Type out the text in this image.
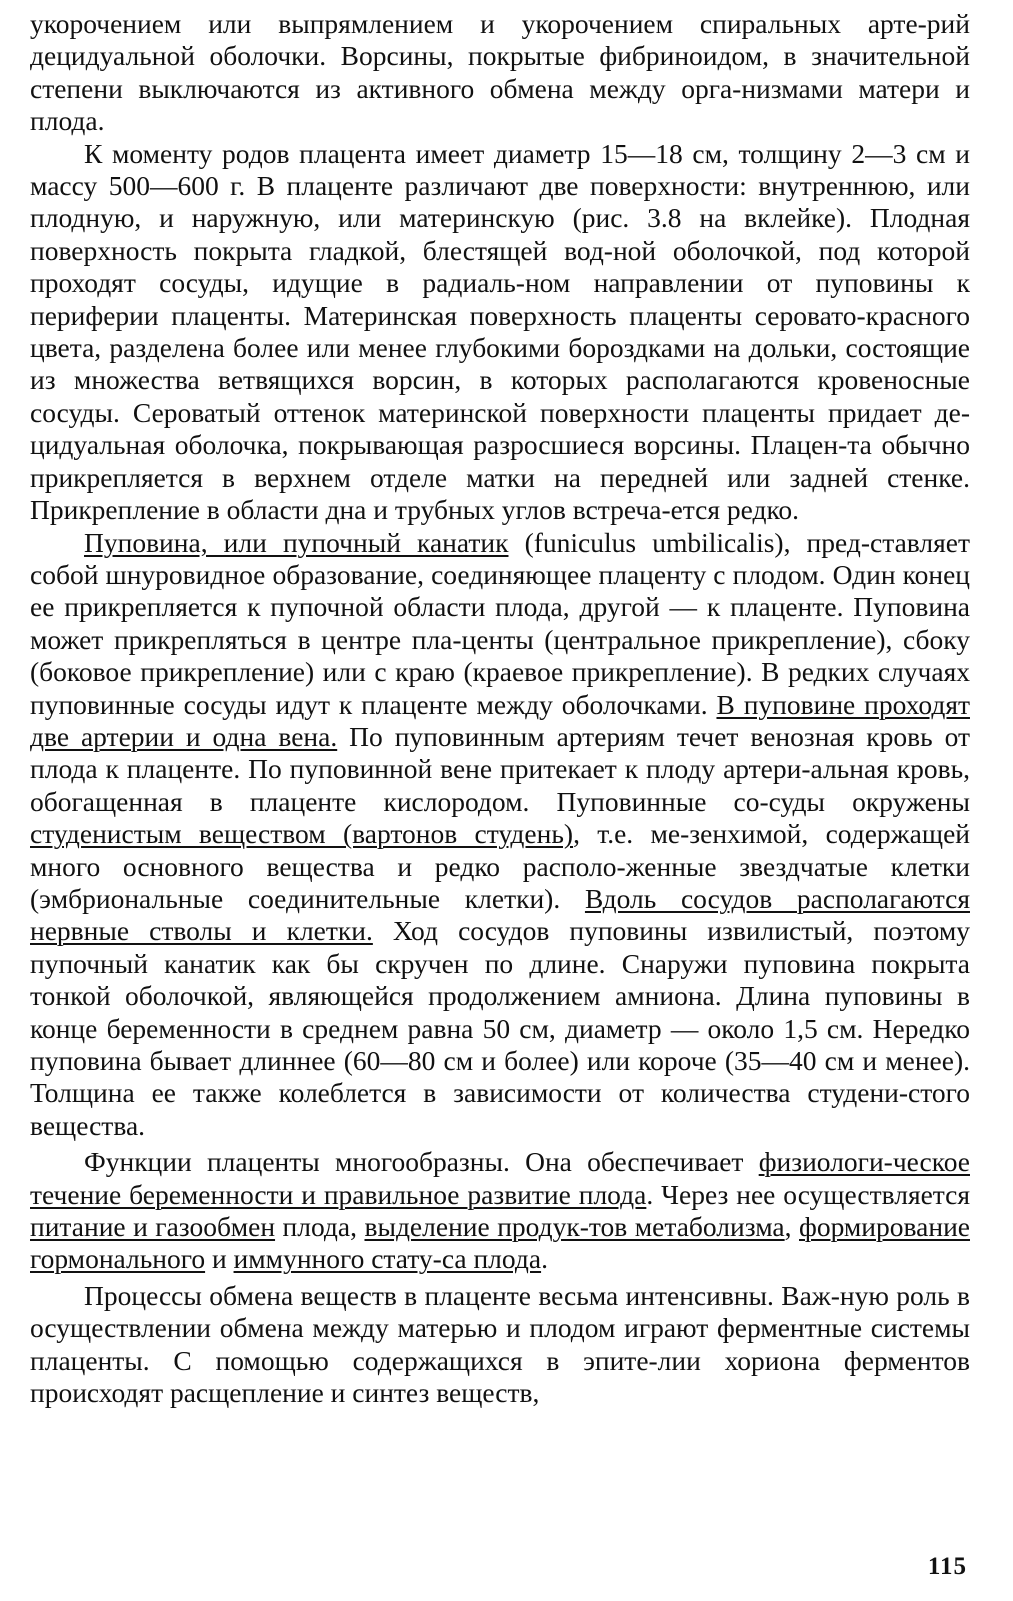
укорочением или выпрямлением и укорочением спиральных арте-рий децидуальной оболочки. Ворсины, покрытые фибриноидом, в значительной степени выключаются из активного обмена между орга-низмами матери и плода.

К моменту родов плацента имеет диаметр 15—18 см, толщину 2—3 см и массу 500—600 г. В плаценте различают две поверхности: внутреннюю, или плодную, и наружную, или материнскую (рис. 3.8 на вклейке). Плодная поверхность покрыта гладкой, блестящей вод-ной оболочкой, под которой проходят сосуды, идущие в радиаль-ном направлении от пуповины к периферии плаценты. Материнская поверхность плаценты серовато-красного цвета, разделена более или менее глубокими бороздками на дольки, состоящие из множества ветвящихся ворсин, в которых располагаются кровеносные сосуды. Сероватый оттенок материнской поверхности плаценты придает де-цидуальная оболочка, покрывающая разросшиеся ворсины. Плацен-та обычно прикрепляется в верхнем отделе матки на передней или задней стенке. Прикрепление в области дна и трубных углов встреча-ется редко.

Пуповина, или пупочный канатик (funiculus umbilicalis), пред-ставляет собой шнуровидное образование, соединяющее плаценту с плодом. Один конец ее прикрепляется к пупочной области плода, другой — к плаценте. Пуповина может прикрепляться в центре пла-центы (центральное прикрепление), сбоку (боковое прикрепление) или с краю (краевое прикрепление). В редких случаях пуповинные сосуды идут к плаценте между оболочками. В пуповине проходят две артерии и одна вена. По пуповинным артериям течет венозная кровь от плода к плаценте. По пуповинной вене притекает к плоду артери-альная кровь, обогащенная в плаценте кислородом. Пуповинные со-суды окружены студенистым веществом (вартонов студень), т.е. ме-зенхимой, содержащей много основного вещества и редко располо-женные звездчатые клетки (эмбриональные соединительные клетки). Вдоль сосудов располагаются нервные стволы и клетки. Ход сосудов пуповины извилистый, поэтому пупочный канатик как бы скручен по длине. Снаружи пуповина покрыта тонкой оболочкой, являющейся продолжением амниона. Длина пуповины в конце беременности в среднем равна 50 см, диаметр — около 1,5 см. Нередко пуповина бывает длиннее (60—80 см и более) или короче (35—40 см и менее). Толщина ее также колеблется в зависимости от количества студени-стого вещества.

Функции плаценты многообразны. Она обеспечивает физиологи-ческое течение беременности и правильное развитие плода. Через нее осуществляется питание и газообмен плода, выделение продук-тов метаболизма, формирование гормонального и иммунного стату-са плода.

Процессы обмена веществ в плаценте весьма интенсивны. Важ-ную роль в осуществлении обмена между матерью и плодом играют ферментные системы плаценты. С помощью содержащихся в эпите-лии хориона ферментов происходят расщепление и синтез веществ,

115
